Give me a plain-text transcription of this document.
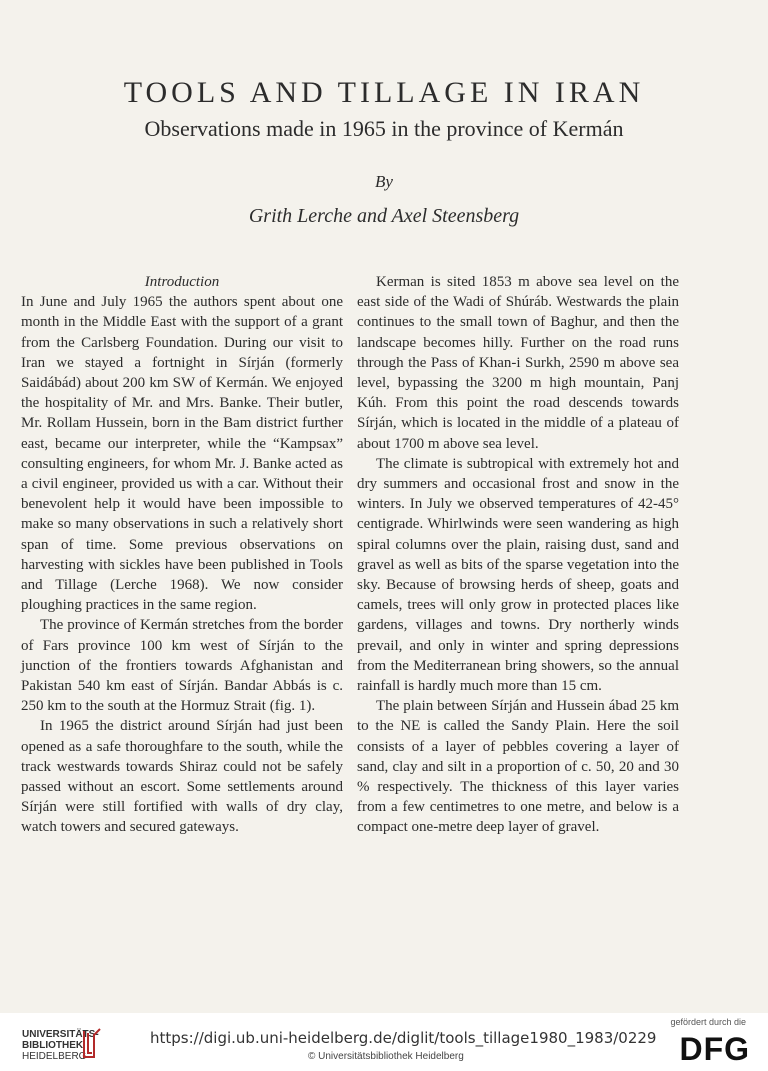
TOOLS AND TILLAGE IN IRAN
Observations made in 1965 in the province of Kermán
By
Grith Lerche and Axel Steensberg
Introduction

In June and July 1965 the authors spent about one month in the Middle East with the support of a grant from the Carlsberg Foundation. During our visit to Iran we stayed a fortnight in Sírján (formerly Saidábád) about 200 km SW of Kermán. We enjoyed the hospitality of Mr. and Mrs. Banke. Their butler, Mr. Rollam Hussein, born in the Bam district further east, became our interpreter, while the “Kampsax” consulting engineers, for whom Mr. J. Banke acted as a civil engineer, provided us with a car. Without their benevolent help it would have been impossible to make so many observations in such a relatively short span of time. Some previous observations on harvesting with sickles have been published in Tools and Tillage (Lerche 1968). We now consider ploughing practices in the same region.

The province of Kermán stretches from the border of Fars province 100 km west of Sírján to the junction of the frontiers towards Afghanistan and Pakistan 540 km east of Sírján. Bandar Abbás is c. 250 km to the south at the Hormuz Strait (fig. 1).

In 1965 the district around Sírján had just been opened as a safe thoroughfare to the south, while the track westwards towards Shiraz could not be safely passed without an escort. Some settlements around Sírján were still fortified with walls of dry clay, watch towers and secured gateways.

Kerman is sited 1853 m above sea level on the east side of the Wadi of Shúráb. Westwards the plain continues to the small town of Baghur, and then the landscape becomes hilly. Further on the road runs through the Pass of Khan-i Surkh, 2590 m above sea level, bypassing the 3200 m high mountain, Panj Kúh. From this point the road descends towards Sírján, which is located in the middle of a plateau of about 1700 m above sea level.

The climate is subtropical with extremely hot and dry summers and occasional frost and snow in the winters. In July we observed temperatures of 42-45° centigrade. Whirlwinds were seen wandering as high spiral columns over the plain, raising dust, sand and gravel as well as bits of the sparse vegetation into the sky. Because of browsing herds of sheep, goats and camels, trees will only grow in protected places like gardens, villages and towns. Dry northerly winds prevail, and only in winter and spring depressions from the Mediterranean bring showers, so the annual rainfall is hardly much more than 15 cm.

The plain between Sírján and Hussein ábad 25 km to the NE is called the Sandy Plain. Here the soil consists of a layer of pebbles covering a layer of sand, clay and silt in a proportion of c. 50, 20 and 30 % respectively. The thickness of this layer varies from a few centimetres to one metre, and below is a compact one-metre deep layer of gravel.

UNIVERSITÄTS-
BIBLIOTHEK
HEIDELBERG
https://digi.ub.uni-heidelberg.de/diglit/tools_tillage1980_1983/0229
© Universitätsbibliothek Heidelberg
gefördert durch die
DFG
